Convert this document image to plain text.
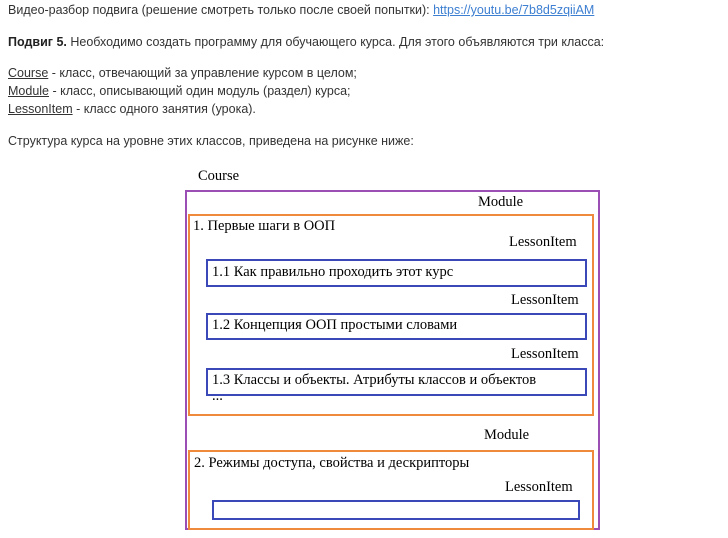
Видео-разбор подвига (решение смотреть только после своей попытки): https://youtu.be/7b8d5zqiiAM
Подвиг 5. Необходимо создать программу для обучающего курса. Для этого объявляются три класса:
Course - класс, отвечающий за управление курсом в целом;
Module - класс, описывающий один модуль (раздел) курса;
LessonItem - класс одного занятия (урока).
Структура курса на уровне этих классов, приведена на рисунке ниже:
Course
Module
1. Первые шаги в ООП
LessonItem
1.1 Как правильно проходить этот курс
LessonItem
1.2 Концепция ООП простыми словами
LessonItem
1.3 Классы и объекты. Атрибуты классов и объектов
...
Module
2. Режимы доступа, свойства и дескрипторы
LessonItem
